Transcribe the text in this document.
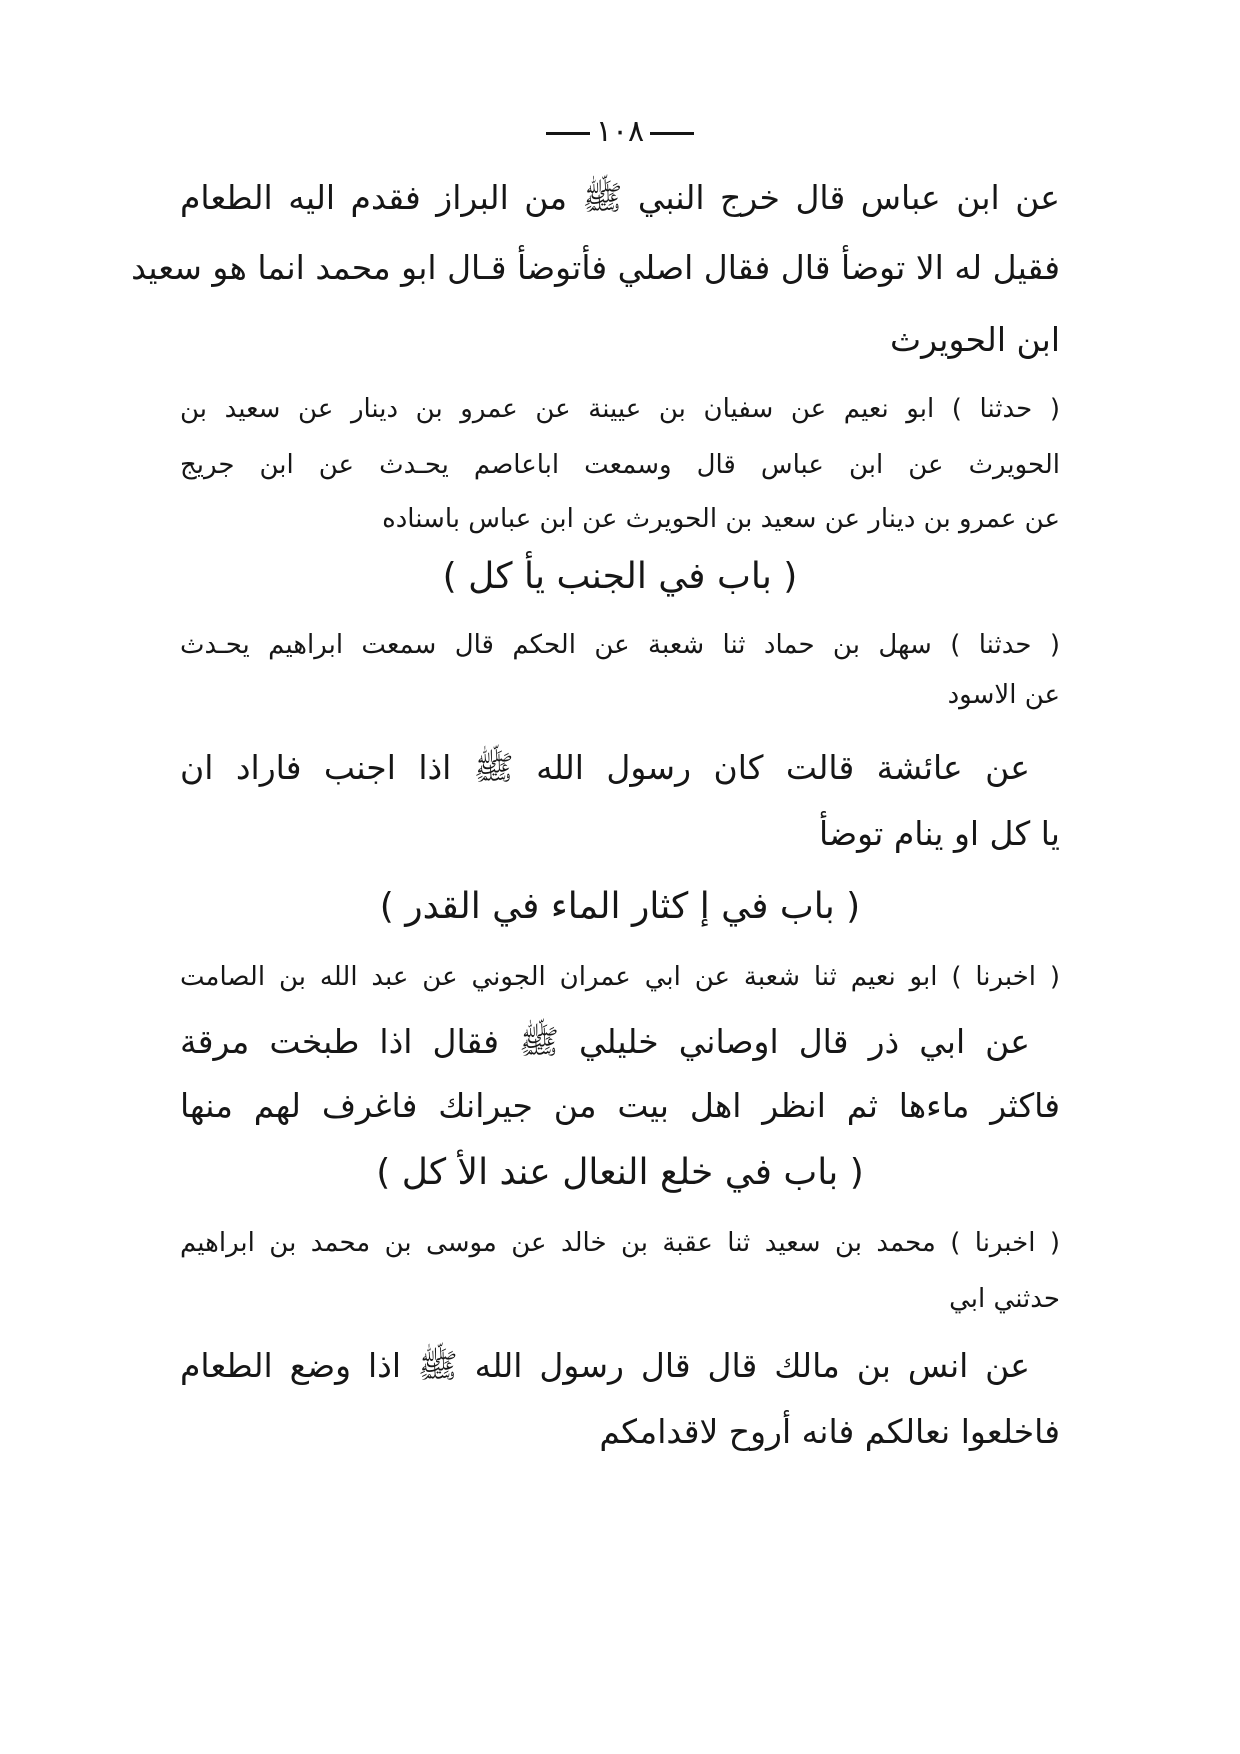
١٠٨
عن ابن عباس قال خرج النبي ﷺ من البراز فقدم اليه الطعام
فقيل له الا توضأ قال فقال اصلي فأتوضأ قـال ابو محمد انما هو سعيد
ابن الحويرث
( حدثنا ) ابو نعيم عن سفيان بن عيينة عن عمرو بن دينار عن سعيد بن
الحويرث عن ابن عباس قال وسمعت اباعاصم يحـدث عن ابن جريج
عن عمرو بن دينار عن سعيد بن الحويرث عن ابن عباس باسناده
( باب في الجنب يأ كل )
( حدثنا ) سهل بن حماد ثنا شعبة عن الحكم قال سمعت ابراهيم يحـدث
عن الاسود
عن عائشة قالت كان رسول الله ﷺ اذا اجنب فاراد ان
يا كل او ينام توضأ
( باب في إ كثار الماء في القدر )
( اخبرنا ) ابو نعيم ثنا شعبة عن ابي عمران الجوني عن عبد الله بن الصامت
عن ابي ذر قال اوصاني خليلي ﷺ فقال اذا طبخت مرقة
فاكثر ماءها ثم انظر اهل بيت من جيرانك فاغرف لهم منها
( باب في خلع النعال عند الأ كل )
( اخبرنا ) محمد بن سعيد ثنا عقبة بن خالد عن موسى بن محمد بن ابراهيم
حدثني ابي
عن انس بن مالك قال قال رسول الله ﷺ اذا وضع الطعام
فاخلعوا نعالكم فانه أروح لاقدامكم
